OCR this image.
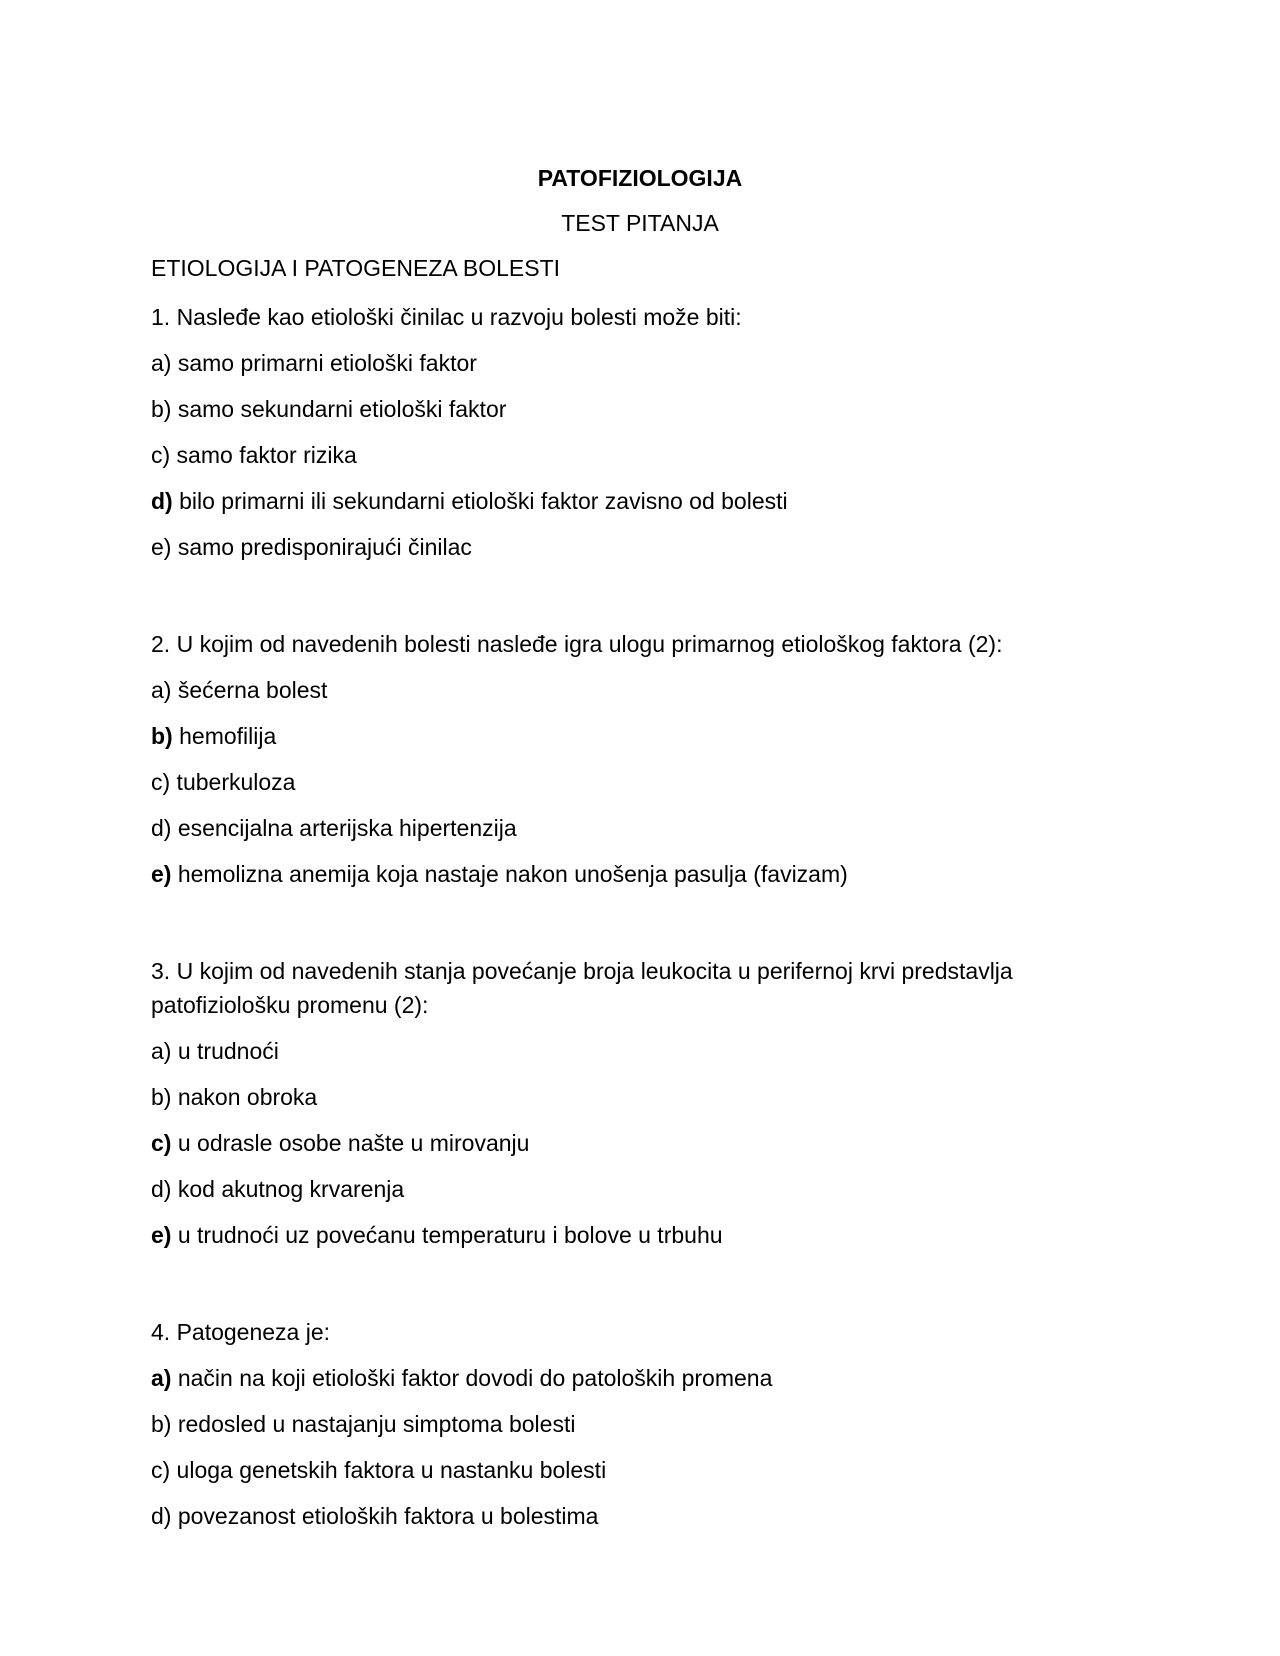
PATOFIZIOLOGIJA
TEST PITANJA

ETIOLOGIJA I PATOGENEZA BOLESTI

1. Nasleđe kao etiološki činilac u razvoju bolesti može biti:

a) samo primarni etiološki faktor

b) samo sekundarni etiološki faktor

c) samo faktor rizika

d) bilo primarni ili sekundarni etiološki faktor zavisno od bolesti

e) samo predisponirajući činilac

2. U kojim od navedenih bolesti nasleđe igra ulogu primarnog etiološkog faktora (2):

a) šećerna bolest

b) hemofilija

c) tuberkuloza

d) esencijalna arterijska hipertenzija

e) hemolizna anemija koja nastaje nakon unošenja pasulja (favizam)

3. U kojim od navedenih stanja povećanje broja leukocita u perifernoj krvi predstavlja patofiziološku promenu (2):

a) u trudnoći

b) nakon obroka

c) u odrasle osobe našte u mirovanju

d) kod akutnog krvarenja

e) u trudnoći uz povećanu temperaturu i bolove u trbuhu

4. Patogeneza je:

a) način na koji etiološki faktor dovodi do patoloških promena

b) redosled u nastajanju simptoma bolesti

c) uloga genetskih faktora u nastanku bolesti

d) povezanost etioloških faktora u bolestima
